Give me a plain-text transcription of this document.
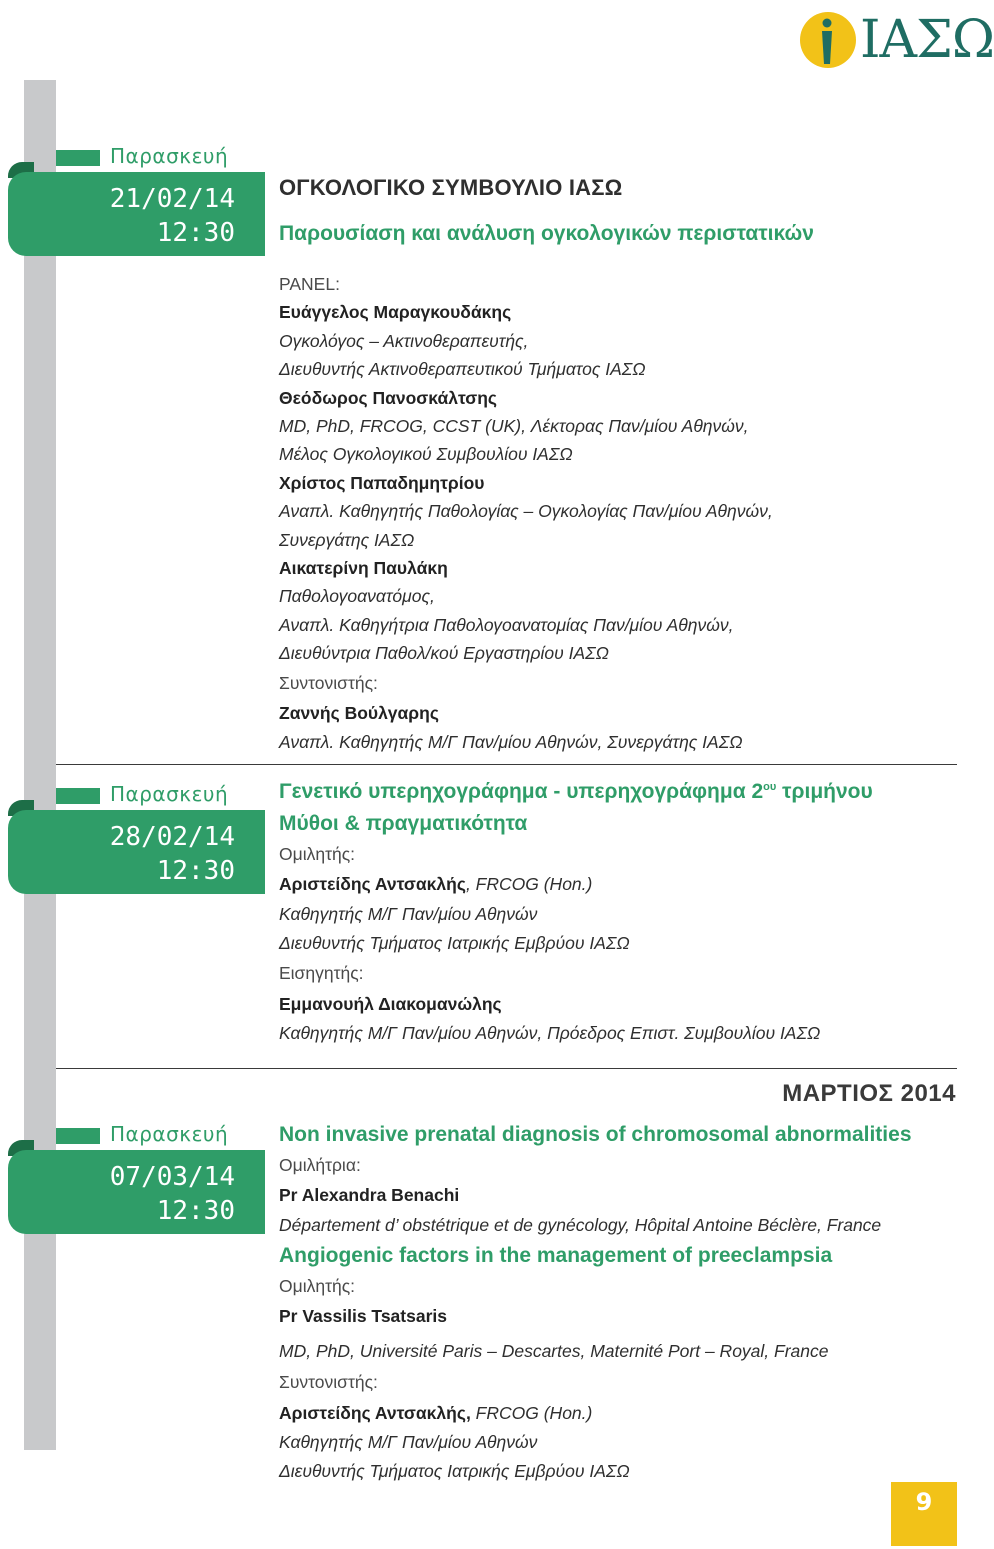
ΙΑΣΩ
Παρασκευή
21/02/14
12:30
ΟΓΚΟΛΟΓΙΚΟ ΣΥΜΒΟΥΛΙΟ ΙΑΣΩ
Παρουσίαση και ανάλυση ογκολογικών περιστατικών
PANEL:
Ευάγγελος Μαραγκουδάκης
Ογκολόγος – Ακτινοθεραπευτής,
Διευθυντής Ακτινοθεραπευτικού Τμήματος ΙΑΣΩ
Θεόδωρος Πανοσκάλτσης
MD, PhD, FRCOG, CCST (UK), Λέκτορας Παν/μίου Αθηνών,
Μέλος Ογκολογικού Συμβουλίου ΙΑΣΩ
Χρίστος Παπαδημητρίου
Αναπλ. Καθηγητής Παθολογίας – Ογκολογίας Παν/μίου Αθηνών,
Συνεργάτης ΙΑΣΩ
Αικατερίνη Παυλάκη
Παθολογοανατόμος,
Αναπλ. Καθηγήτρια Παθολογοανατομίας Παν/μίου Αθηνών,
Διευθύντρια Παθολ/κού Εργαστηρίου ΙΑΣΩ
Συντονιστής:
Ζαννής Βούλγαρης
Αναπλ. Καθηγητής Μ/Γ Παν/μίου Αθηνών, Συνεργάτης ΙΑΣΩ
Παρασκευή
28/02/14
12:30
Γενετικό υπερηχογράφημα - υπερηχογράφημα $2^{o\upsilon}$ τριμήνου
Μύθοι & πραγματικότητα
Ομιλητής:
Αριστείδης Αντσακλής, FRCOG (Hon.)
Καθηγητής Μ/Γ Παν/μίου Αθηνών
Διευθυντής Τμήματος Ιατρικής Εμβρύου ΙΑΣΩ
Εισηγητής:
Εμμανουήλ Διακομανώλης
Καθηγητής Μ/Γ Παν/μίου Αθηνών, Πρόεδρος Επιστ. Συμβουλίου ΙΑΣΩ
ΜΑΡΤΙΟΣ 2014
Παρασκευή
07/03/14
12:30
Non invasive prenatal diagnosis of chromosomal abnormalities
Ομιλήτρια:
Pr Alexandra Benachi
Département d’ obstétrique et de gynécology, Hôpital Antoine Béclère, France
Angiogenic factors in the management of preeclampsia
Ομιλητής:
Pr Vassilis Tsatsaris
MD, PhD, Université Paris – Descartes, Maternité Port – Royal, France
Συντονιστής:
Αριστείδης Αντσακλής, FRCOG (Hon.)
Καθηγητής Μ/Γ Παν/μίου Αθηνών
Διευθυντής Τμήματος Ιατρικής Εμβρύου ΙΑΣΩ
9
